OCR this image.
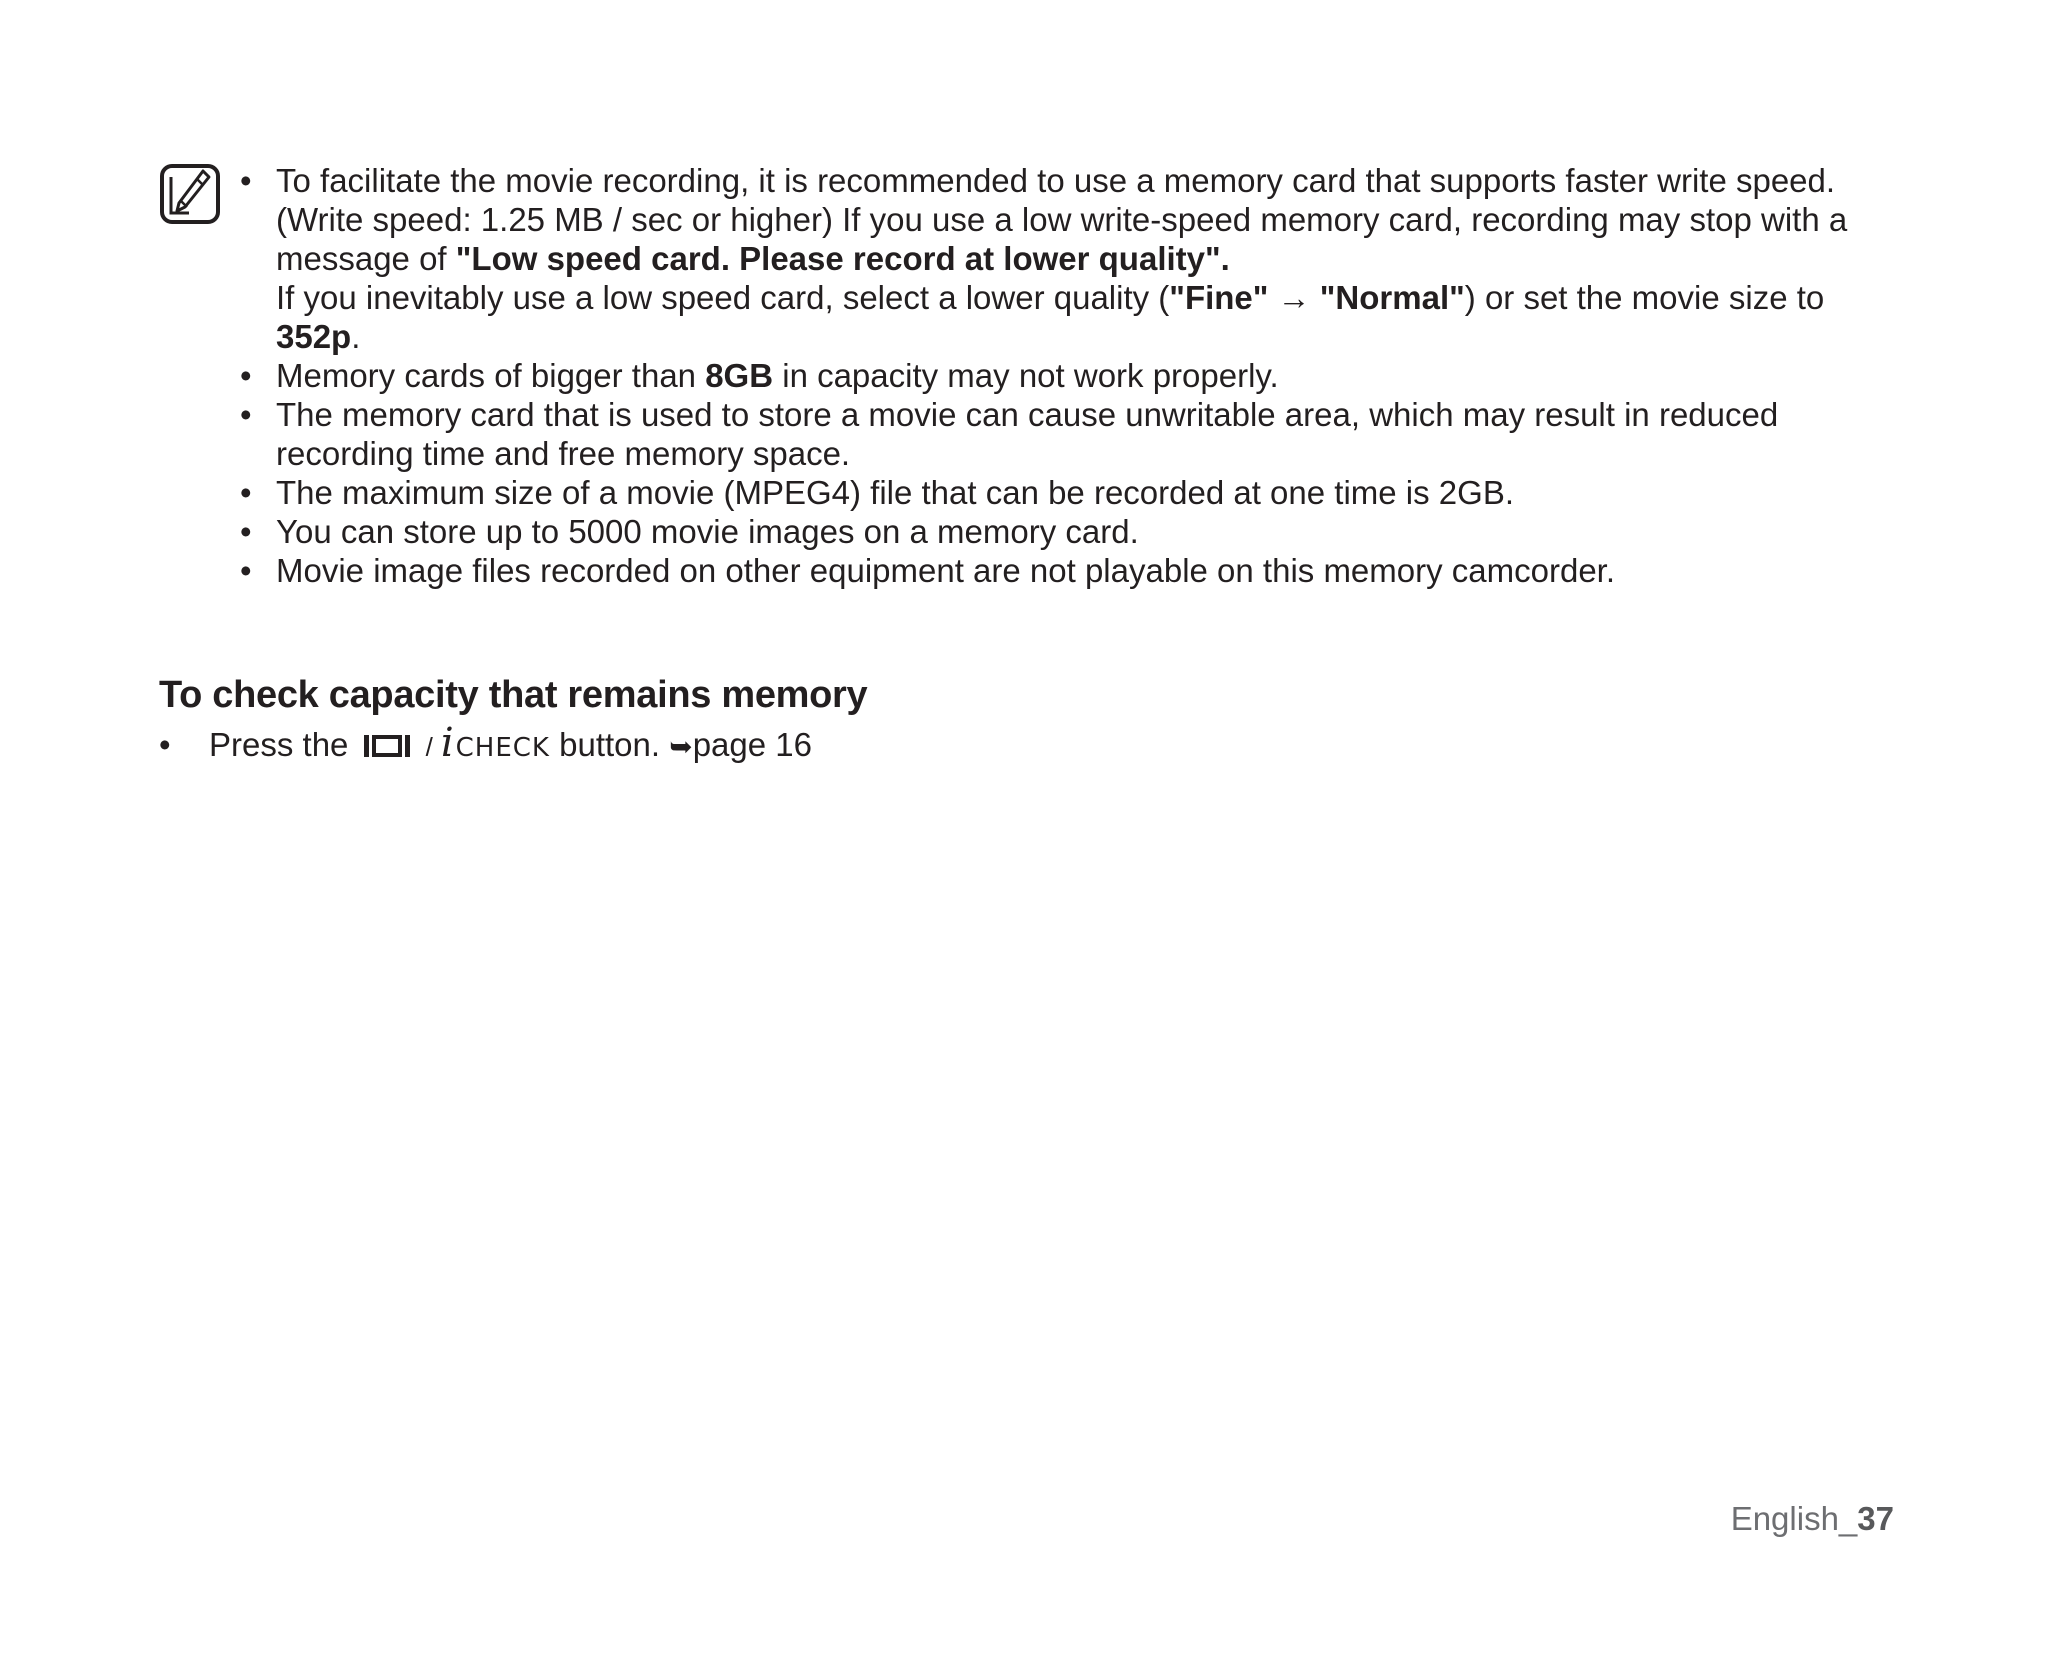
• To facilitate the movie recording, it is recommended to use a memory card that supports faster write speed. (Write speed: 1.25 MB / sec or higher) If you use a low write-speed memory card, recording may stop with a message of "Low speed card. Please record at lower quality".
If you inevitably use a low speed card, select a lower quality ("Fine" → "Normal") or set the movie size to 352p.
• Memory cards of bigger than 8GB in capacity may not work properly.
• The memory card that is used to store a movie can cause unwritable area, which may result in reduced recording time and free memory space.
• The maximum size of a movie (MPEG4) file that can be recorded at one time is 2GB.
• You can store up to 5000 movie images on a memory card.
• Movie image files recorded on other equipment are not playable on this memory camcorder.
To check capacity that remains memory
• Press the	/ iCHECK button. ➥page 16
English_37
